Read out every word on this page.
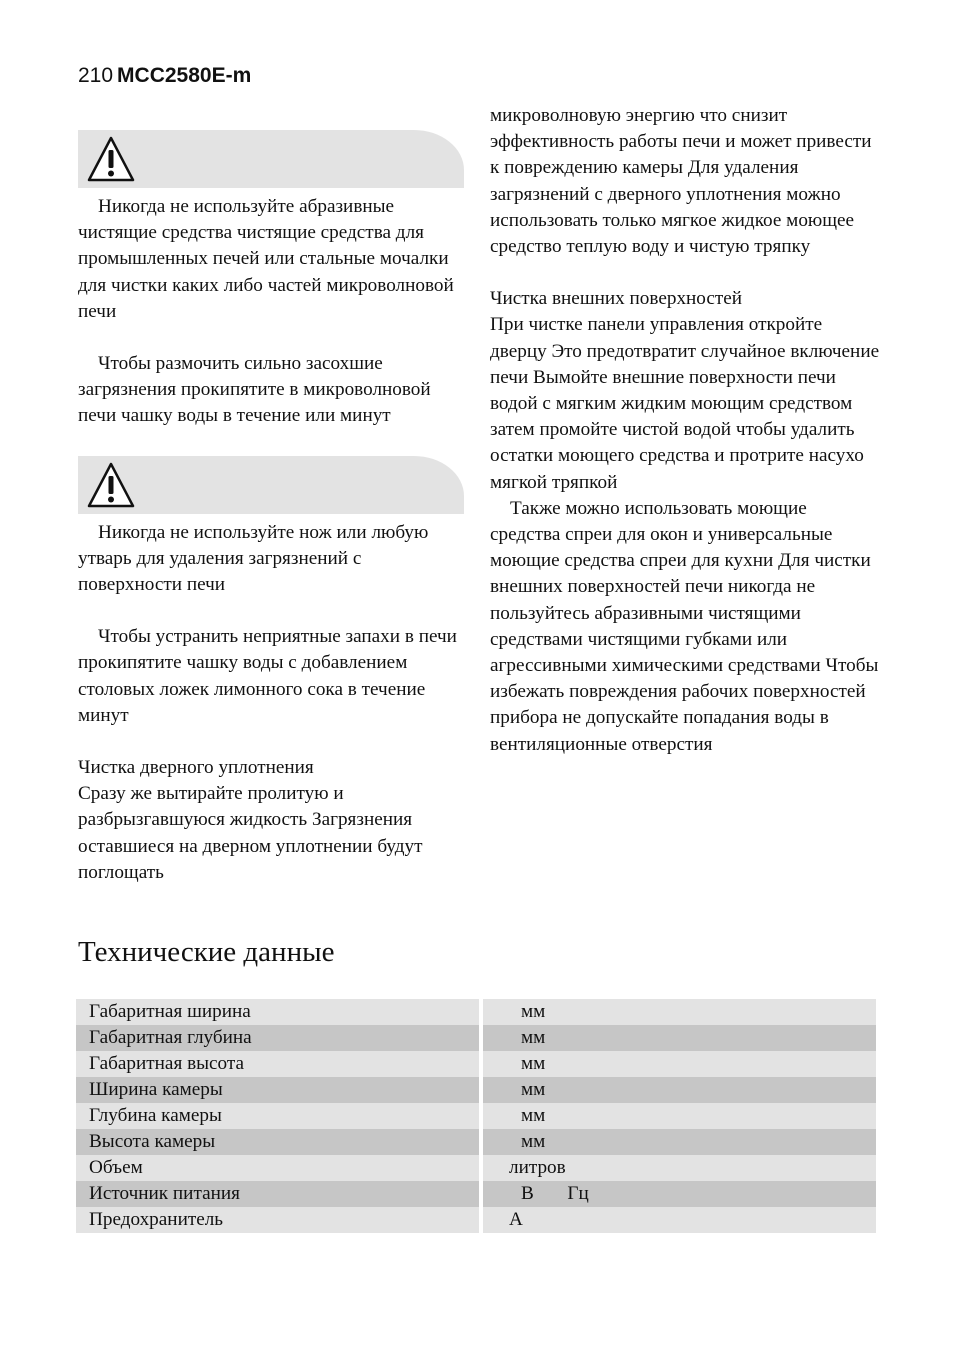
210 MCC2580E-m

Никогда не используйте абразивные чистящие средства чистящие средства для промышленных печей или стальные мочалки для чистки каких либо частей микроволновой печи

Чтобы размочить сильно засохшие загрязнения прокипятите в микроволновой печи чашку воды в течение или минут

Никогда не используйте нож или любую утварь для удаления загрязнений с поверхности печи

Чтобы устранить неприятные запахи в печи прокипятите чашку воды с добавлением столовых ложек лимонного сока в течение минут

Чистка дверного уплотнения

Сразу же вытирайте пролитую и разбрызгавшуюся жидкость Загрязнения оставшиеся на дверном уплотнении будут поглощать

микроволновую энергию что снизит эффективность работы печи и может привести к повреждению камеры Для удаления загрязнений с дверного уплотнения можно использовать только мягкое жидкое моющее средство теплую воду и чистую тряпку

Чистка внешних поверхностей

При чистке панели управления откройте дверцу Это предотвратит случайное включение печи Вымойте внешние поверхности печи водой с мягким жидким моющим средством затем промойте чистой водой чтобы удалить остатки моющего средства и протрите насухо мягкой тряпкой

Также можно использовать моющие средства спреи для окон и универсальные моющие средства спреи для кухни Для чистки внешних поверхностей печи никогда не пользуйтесь абразивными чистящими средствами чистящими губками или агрессивными химическими средствами Чтобы избежать повреждения рабочих поверхностей прибора не допускайте попадания воды в вентиляционные отверстия

Технические данные
Габаритная ширина	мм
Габаритная глубина	мм
Габаритная высота	мм
Ширина камеры	мм
Глубина камеры	мм
Высота камеры	мм
Объем	литров
Источник питания	В       Гц
Предохранитель	А
